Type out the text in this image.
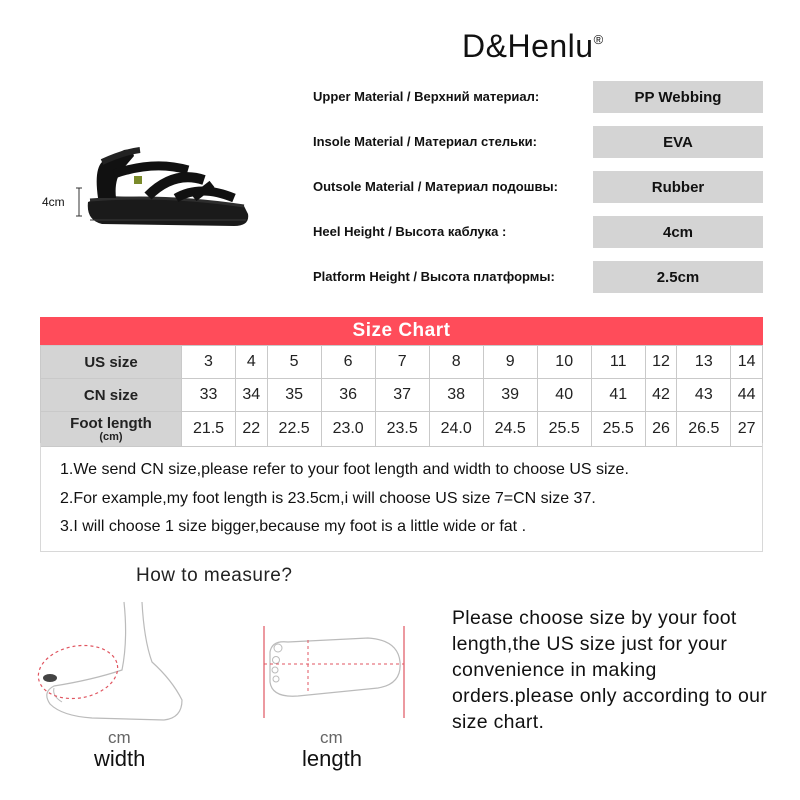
D&Henlu®
Upper Material / Верхний материал:	PP Webbing
Insole Material / Материал стельки:	EVA
Outsole Material / Материал подошвы:	Rubber
Heel Height / Высота каблука :	4cm
Platform Height / Высота платформы:	2.5cm
4cm
Size Chart
US size	3	4	5	6	7	8	9	10	11	12	13	14
CN size	33	34	35	36	37	38	39	40	41	42	43	44

Foot length
(cm)	21.5	22	22.5	23.0	23.5	24.0	24.5	25.5	25.5	26	26.5	27
1.We send CN size,please refer to your foot length and width to choose US size.
2.For example,my foot length is 23.5cm,i will choose US size 7=CN size 37.
3.I will choose 1 size bigger,because my foot is a little wide or fat .
How to measure?
cm
width
cm
length
Please choose size by your foot length,the US size just for your convenience in making orders.please only according to our size chart.
